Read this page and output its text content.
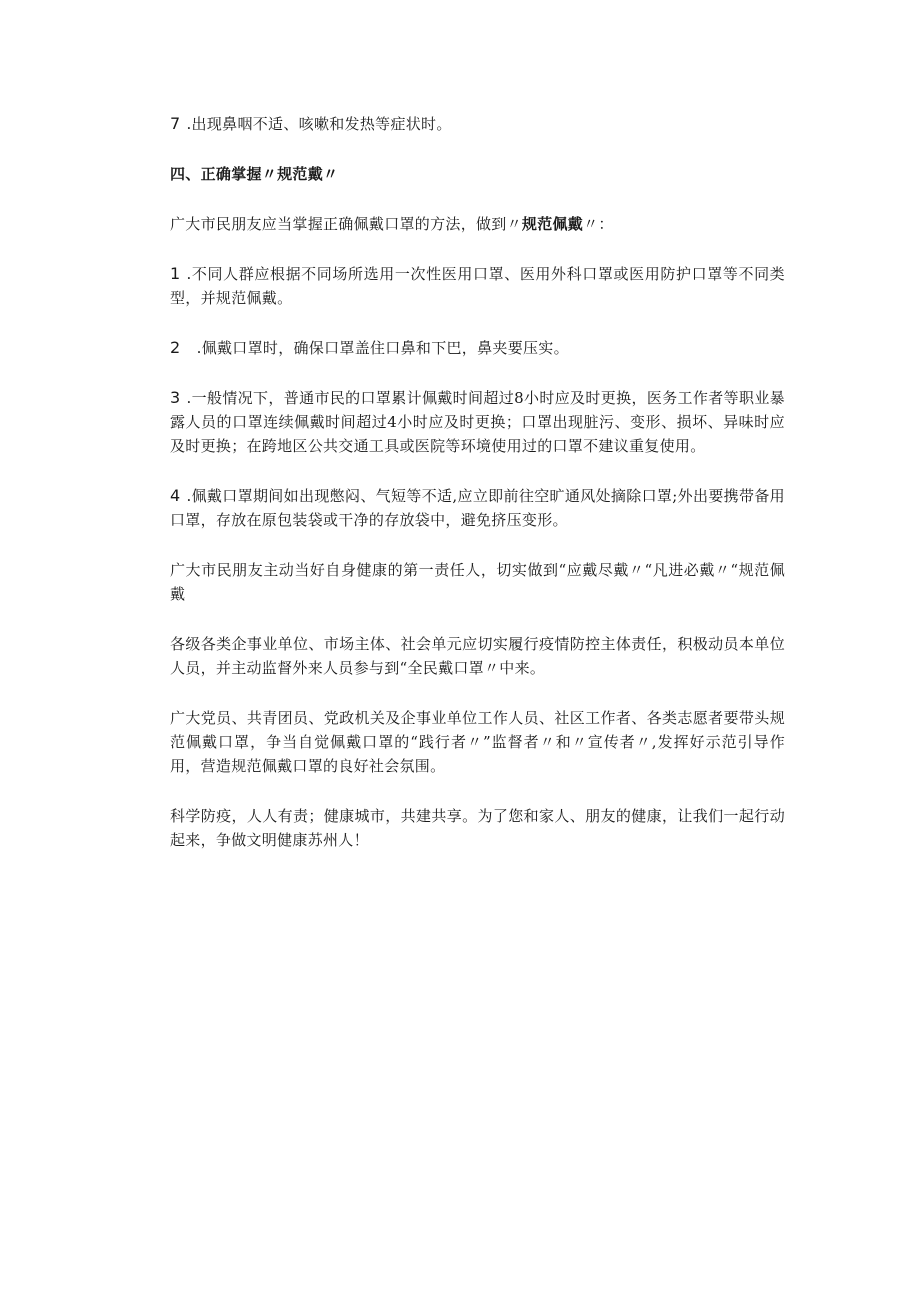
7 .出现鼻咽不适、咳嗽和发热等症状时。

四、正确掌握〃规范戴〃

广大市民朋友应当掌握正确佩戴口罩的方法，做到〃规范佩戴〃：

1 .不同人群应根据不同场所选用一次性医用口罩、医用外科口罩或医用防护口罩等不同类型，并规范佩戴。

2  .佩戴口罩时，确保口罩盖住口鼻和下巴，鼻夹要压实。

3 .一般情况下，普通市民的口罩累计佩戴时间超过8小时应及时更换，医务工作者等职业暴露人员的口罩连续佩戴时间超过4小时应及时更换；口罩出现脏污、变形、损坏、异味时应及时更换；在跨地区公共交通工具或医院等环境使用过的口罩不建议重复使用。

4 .佩戴口罩期间如出现憋闷、气短等不适,应立即前往空旷通风处摘除口罩;外出要携带备用口罩，存放在原包装袋或干净的存放袋中，避免挤压变形。

广大市民朋友主动当好自身健康的第一责任人，切实做到“应戴尽戴〃“凡进必戴〃“规范佩戴

各级各类企事业单位、市场主体、社会单元应切实履行疫情防控主体责任，积极动员本单位人员，并主动监督外来人员参与到“全民戴口罩〃中来。

广大党员、共青团员、党政机关及企事业单位工作人员、社区工作者、各类志愿者要带头规范佩戴口罩，争当自觉佩戴口罩的“践行者〃”监督者〃和〃宣传者〃,发挥好示范引导作用，营造规范佩戴口罩的良好社会氛围。

科学防疫，人人有责；健康城市，共建共享。为了您和家人、朋友的健康，让我们一起行动起来，争做文明健康苏州人！
